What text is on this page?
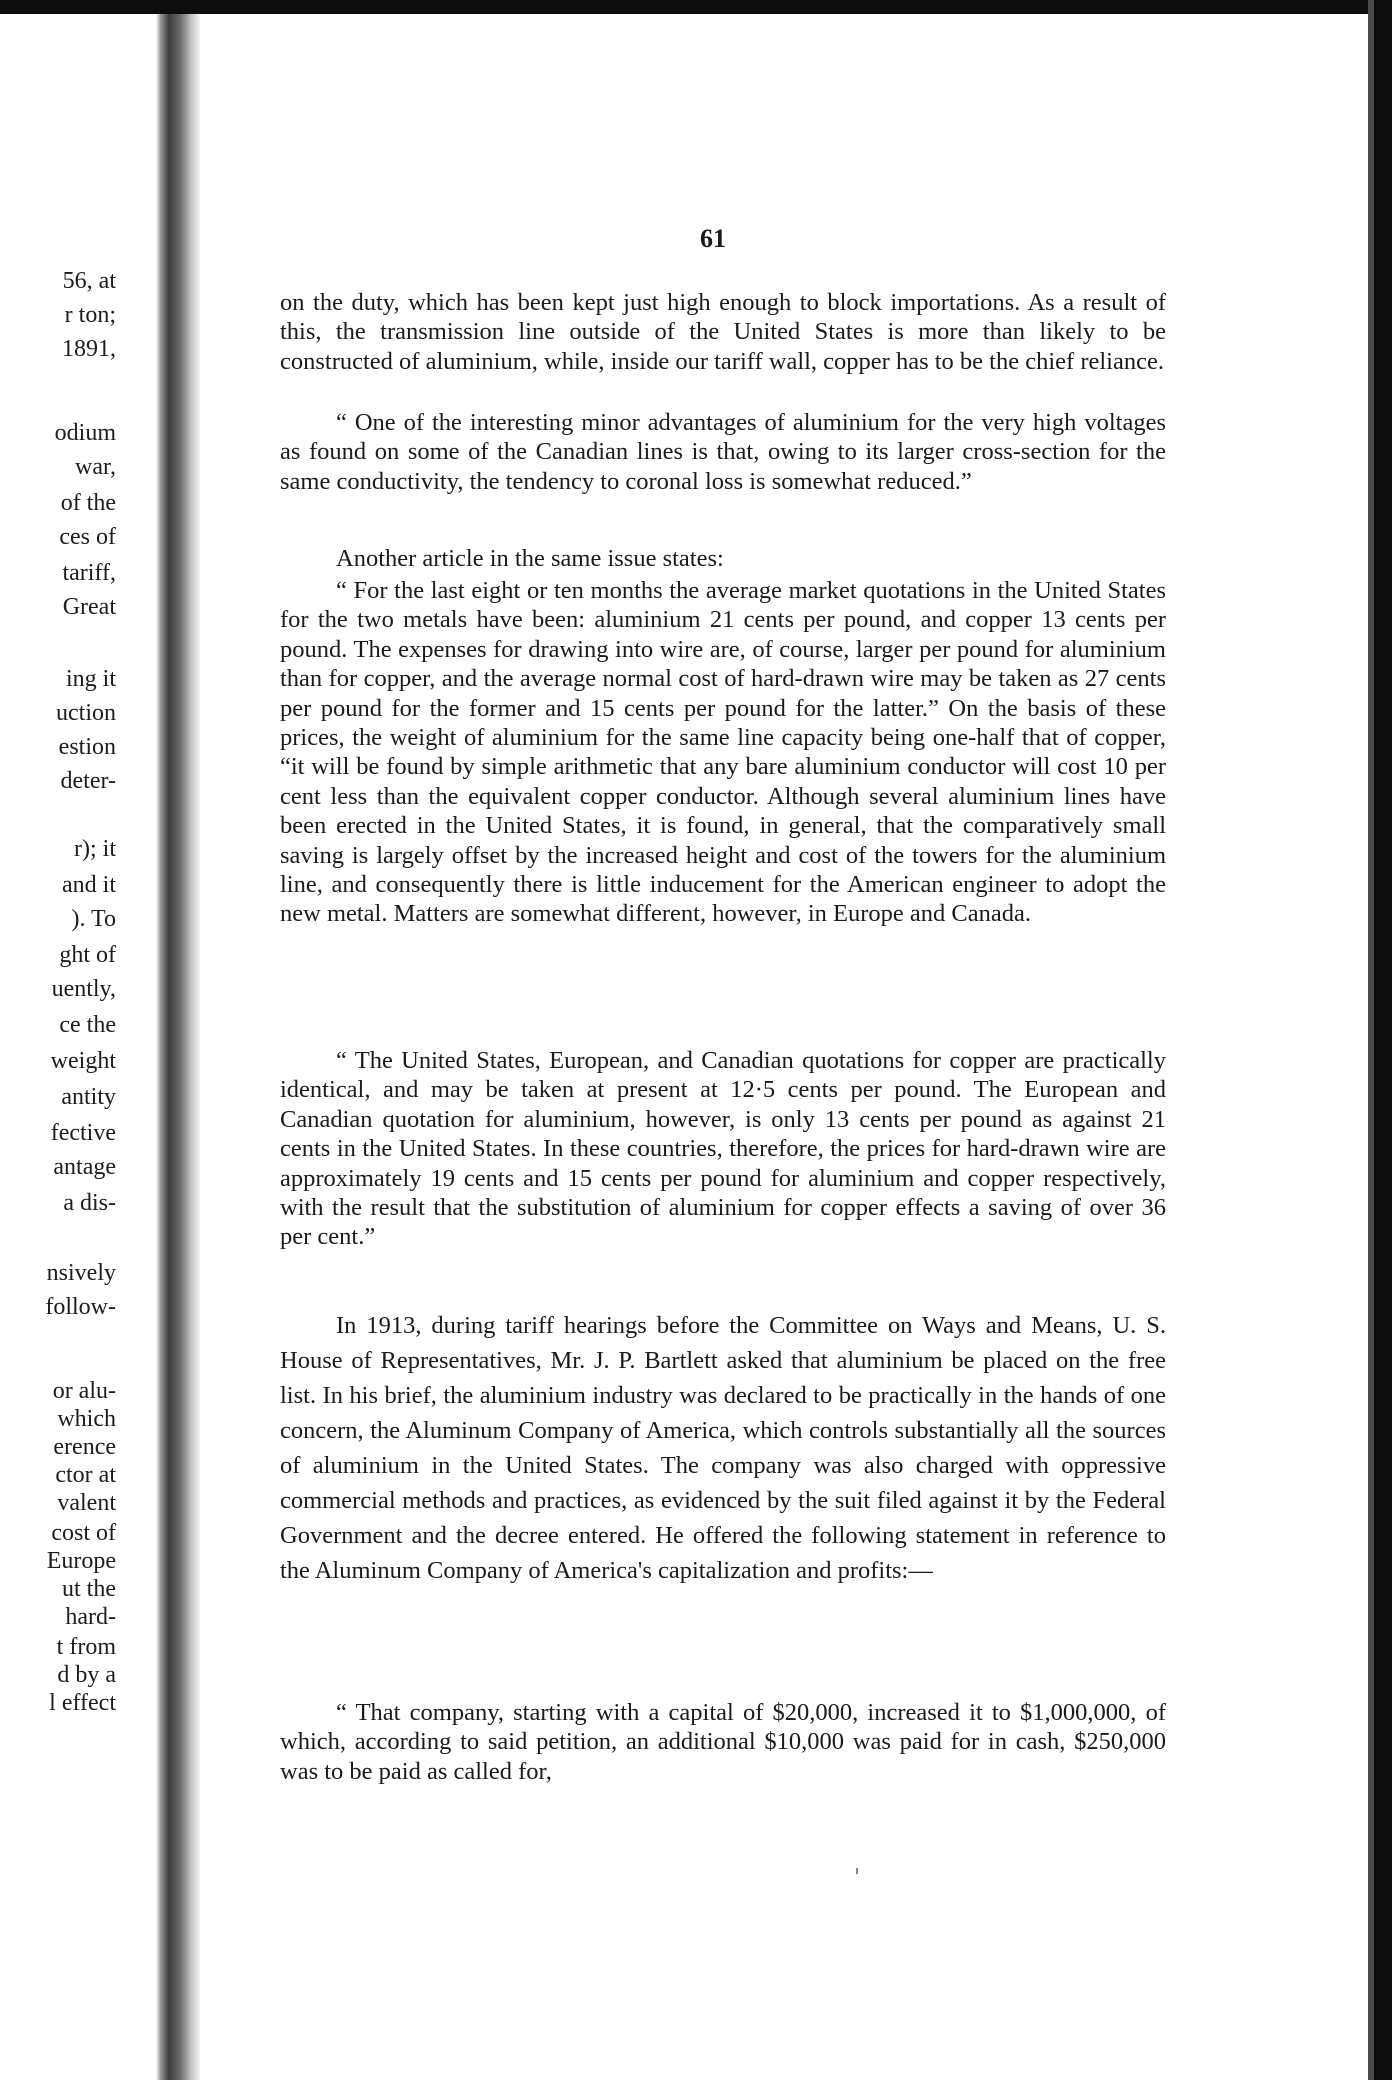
56, at
r ton;
1891,
odium
war,
of the
ces of
tariff,
Great
ing it
uction
estion
deter-
r); it
and it
). To
ght of
uently,
ce the
weight
antity
fective
antage
a dis-
nsively
follow-
or alu-
which
erence
ctor at
valent
cost of
Europe
ut the
hard-
t from
d by a
l effect
61

on the duty, which has been kept just high enough to block importations. As a result of this, the transmission line outside of the United States is more than likely to be constructed of aluminium, while, inside our tariff wall, copper has to be the chief reliance.

“ One of the interesting minor advantages of aluminium for the very high voltages as found on some of the Canadian lines is that, owing to its larger cross-section for the same conductivity, the tendency to coronal loss is somewhat reduced.”

Another article in the same issue states:

“ For the last eight or ten months the average market quotations in the United States for the two metals have been: aluminium 21 cents per pound, and copper 13 cents per pound. The expenses for drawing into wire are, of course, larger per pound for aluminium than for copper, and the average normal cost of hard-drawn wire may be taken as 27 cents per pound for the former and 15 cents per pound for the latter.” On the basis of these prices, the weight of aluminium for the same line capacity being one-half that of copper, “it will be found by simple arithmetic that any bare aluminium conductor will cost 10 per cent less than the equivalent copper conductor. Although several aluminium lines have been erected in the United States, it is found, in general, that the comparatively small saving is largely offset by the increased height and cost of the towers for the aluminium line, and consequently there is little inducement for the American engineer to adopt the new metal. Matters are somewhat different, however, in Europe and Canada.

“ The United States, European, and Canadian quotations for copper are practically identical, and may be taken at present at 12·5 cents per pound. The European and Canadian quotation for aluminium, however, is only 13 cents per pound as against 21 cents in the United States. In these countries, therefore, the prices for hard-drawn wire are approximately 19 cents and 15 cents per pound for aluminium and copper respectively, with the result that the substitution of aluminium for copper effects a saving of over 36 per cent.”

In 1913, during tariff hearings before the Committee on Ways and Means, U. S. House of Representatives, Mr. J. P. Bartlett asked that aluminium be placed on the free list. In his brief, the aluminium industry was declared to be practically in the hands of one concern, the Aluminum Company of America, which controls substantially all the sources of aluminium in the United States. The company was also charged with oppressive commercial methods and practices, as evidenced by the suit filed against it by the Federal Government and the decree entered. He offered the following statement in reference to the Aluminum Company of America's capitalization and profits:—

“ That company, starting with a capital of $20,000, increased it to $1,000,000, of which, according to said petition, an additional $10,000 was paid for in cash, $250,000 was to be paid as called for,
